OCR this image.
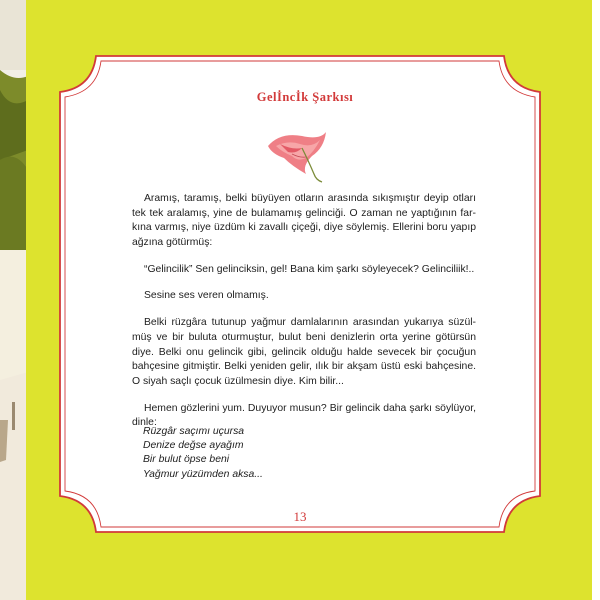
Gelİncİk Şarkısı
Aramış, taramış, belki büyüyen otların arasında sıkışmıştır deyip otları
tek tek aralamış, yine de bulamamış gelinciği. O zaman ne yaptığının far-
kına varmış, niye üzdüm ki zavallı çiçeği, diye söylemiş. Ellerini boru yapıp
ağzına götürmüş:
“Gelincilik” Sen gelinciksin, gel! Bana kim şarkı söyleyecek? Gelinciliik!..
Sesine ses veren olmamış.
Belki rüzgâra tutunup yağmur damlalarının arasından yukarıya süzül-
müş ve bir buluta oturmuştur, bulut beni denizlerin orta yerine götürsün
diye. Belki onu gelincik gibi, gelincik olduğu halde sevecek bir çocuğun
bahçesine gitmiştir. Belki yeniden gelir, ılık bir akşam üstü eski bahçesine.
O siyah saçlı çocuk üzülmesin diye. Kim bilir...
Hemen gözlerini yum. Duyuyor musun? Bir gelincik daha şarkı söylüyor,
dinle:
Rüzgâr saçımı uçursa
Denize değse ayağım
Bir bulut öpse beni
Yağmur yüzümden aksa...
13
